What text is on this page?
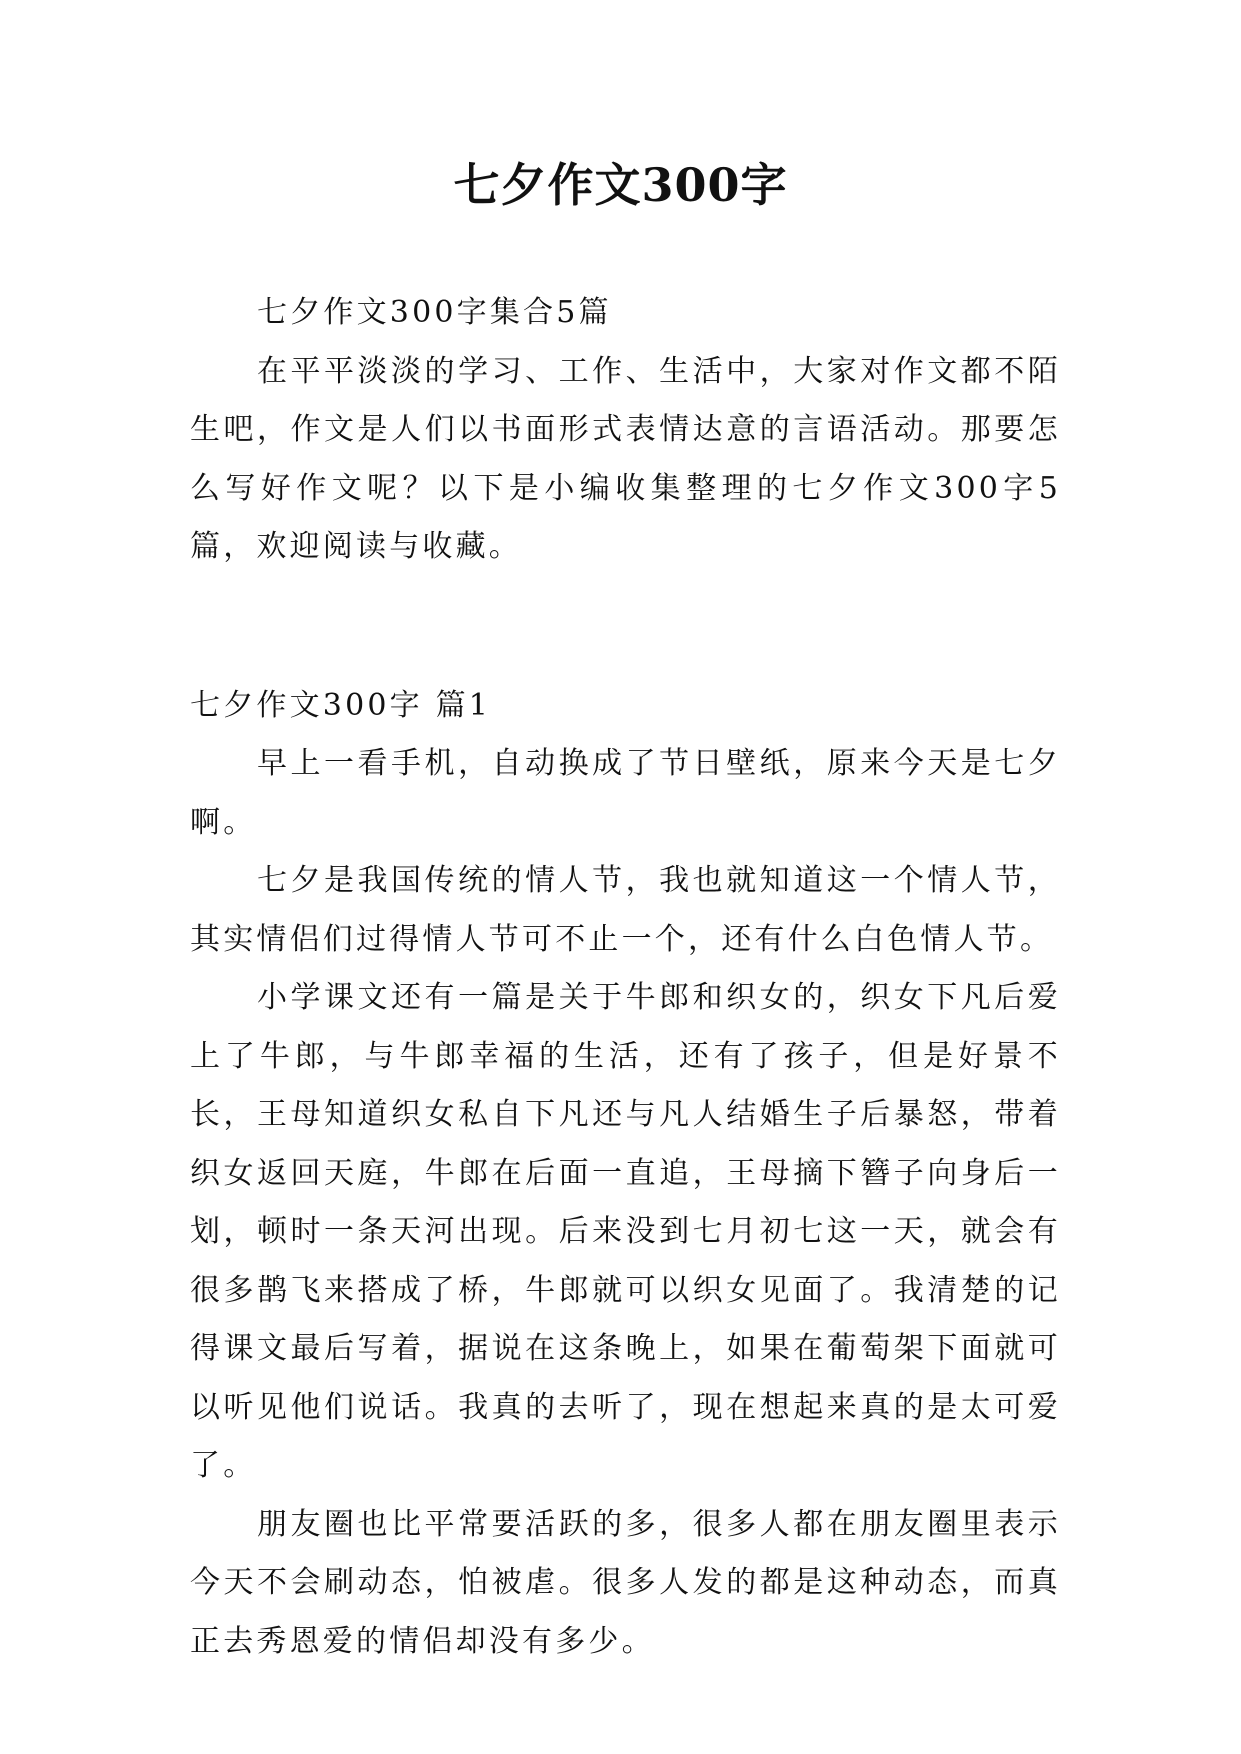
七夕作文300字

七夕作文300字集合5篇

在平平淡淡的学习、工作、生活中，大家对作文都不陌生吧，作文是人们以书面形式表情达意的言语活动。那要怎么写好作文呢？以下是小编收集整理的七夕作文300字5篇，欢迎阅读与收藏。

七夕作文300字 篇1

早上一看手机，自动换成了节日壁纸，原来今天是七夕啊。

七夕是我国传统的情人节，我也就知道这一个情人节，其实情侣们过得情人节可不止一个，还有什么白色情人节。

小学课文还有一篇是关于牛郎和织女的，织女下凡后爱上了牛郎，与牛郎幸福的生活，还有了孩子，但是好景不长，王母知道织女私自下凡还与凡人结婚生子后暴怒，带着织女返回天庭，牛郎在后面一直追，王母摘下簪子向身后一划，顿时一条天河出现。后来没到七月初七这一天，就会有很多鹊飞来搭成了桥，牛郎就可以织女见面了。我清楚的记得课文最后写着，据说在这条晚上，如果在葡萄架下面就可以听见他们说话。我真的去听了，现在想起来真的是太可爱了。

朋友圈也比平常要活跃的多，很多人都在朋友圈里表示今天不会刷动态，怕被虐。很多人发的都是这种动态，而真正去秀恩爱的情侣却没有多少。
